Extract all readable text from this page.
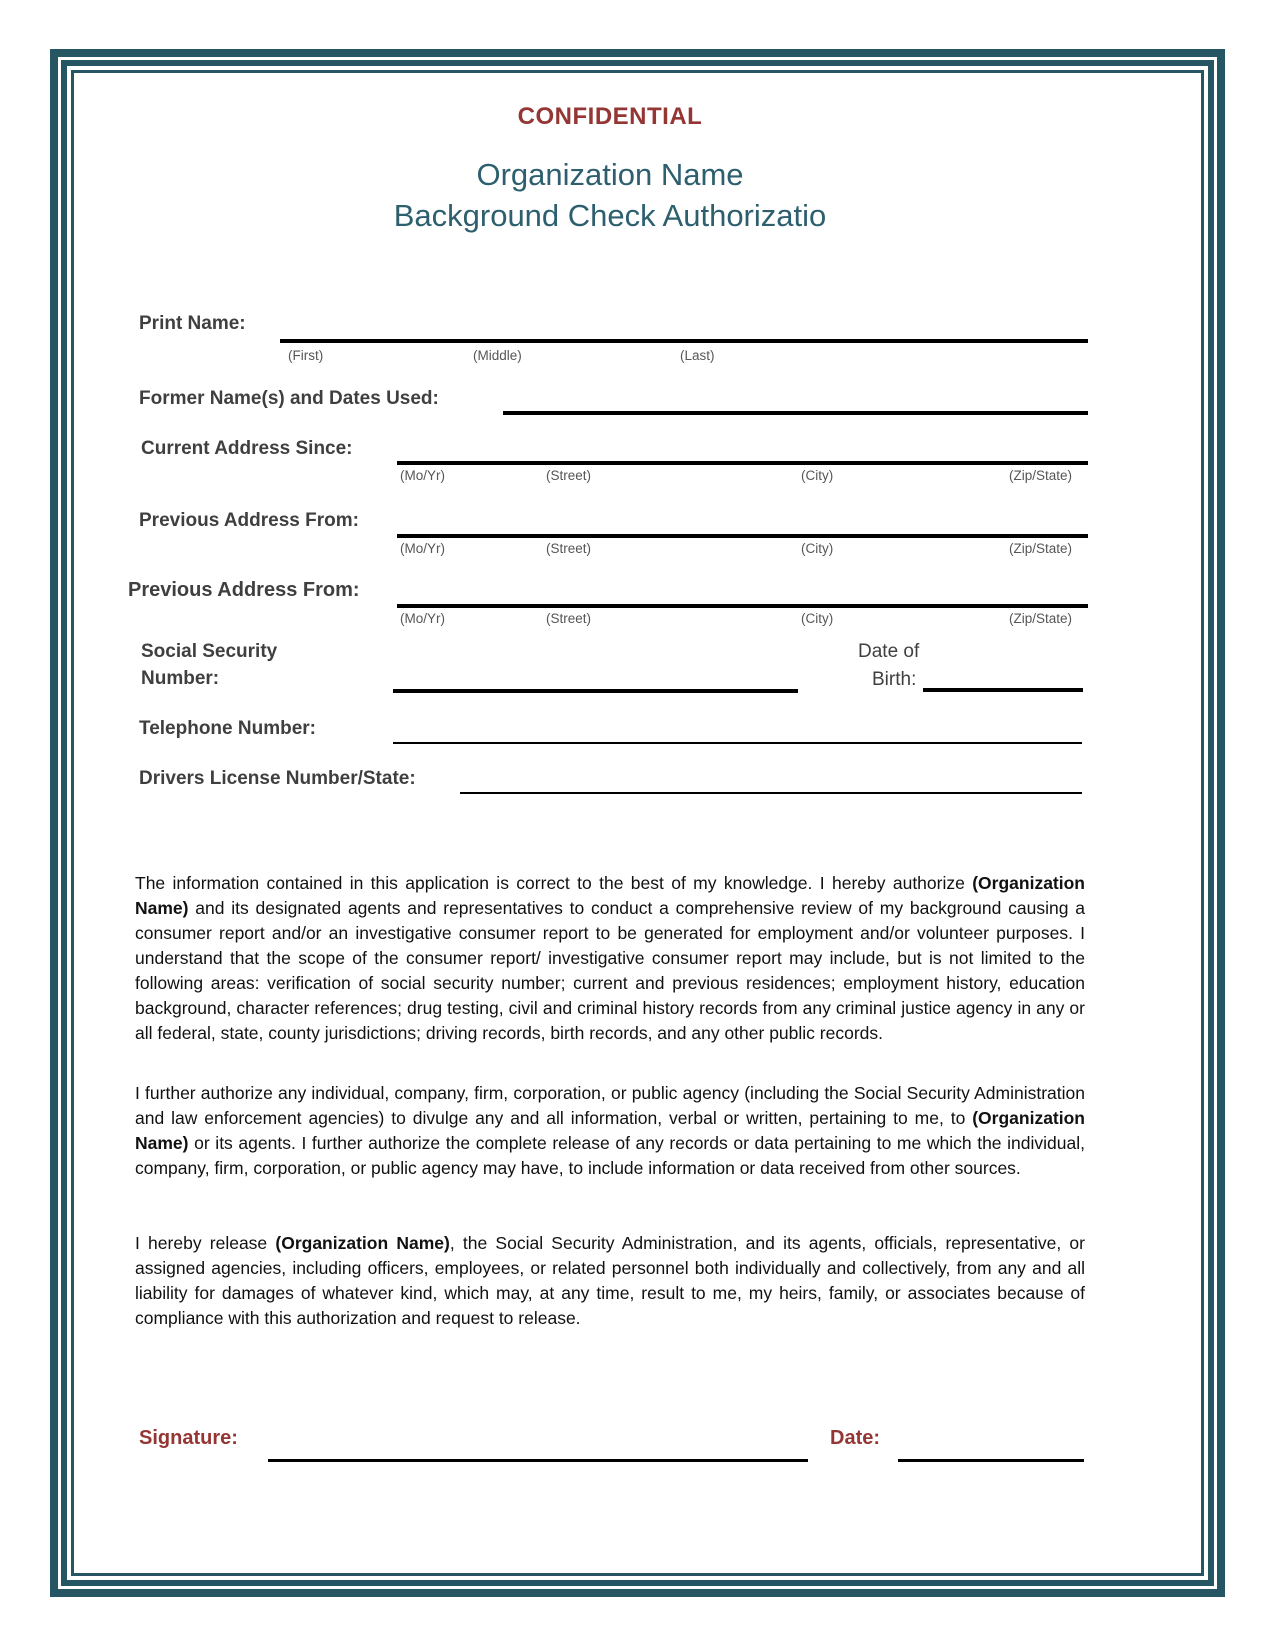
CONFIDENTIAL
Organization Name
Background Check Authorizatio
Print Name:
(First)	(Middle)	(Last)
Former Name(s) and Dates Used:
Current Address Since:
(Mo/Yr)	(Street)	(City)	(Zip/State)
Previous Address From:
(Mo/Yr)	(Street)	(City)	(Zip/State)
Previous Address From:
(Mo/Yr)	(Street)	(City)	(Zip/State)
Social Security
Number:
Date of
Birth:
Telephone Number:
Drivers License Number/State:
The information contained in this application is correct to the best of my knowledge. I hereby authorize (Organization Name) and its designated agents and representatives to conduct a comprehensive review of my background causing a consumer report and/or an investigative consumer report to be generated for employment and/or volunteer purposes. I understand that the scope of the consumer report/ investigative consumer report may include, but is not limited to the following areas: verification of social security number; current and previous residences; employment history, education background, character references; drug testing, civil and criminal history records from any criminal justice agency in any or all federal, state, county jurisdictions; driving records, birth records, and any other public records.
I further authorize any individual, company, firm, corporation, or public agency (including the Social Security Administration and law enforcement agencies) to divulge any and all information, verbal or written, pertaining to me, to (Organization Name) or its agents. I further authorize the complete release of any records or data pertaining to me which the individual, company, firm, corporation, or public agency may have, to include information or data received from other sources.
I hereby release (Organization Name), the Social Security Administration, and its agents, officials, representative, or assigned agencies, including officers, employees, or related personnel both individually and collectively, from any and all liability for damages of whatever kind, which may, at any time, result to me, my heirs, family, or associates because of compliance with this authorization and request to release.
Signature:	Date:
